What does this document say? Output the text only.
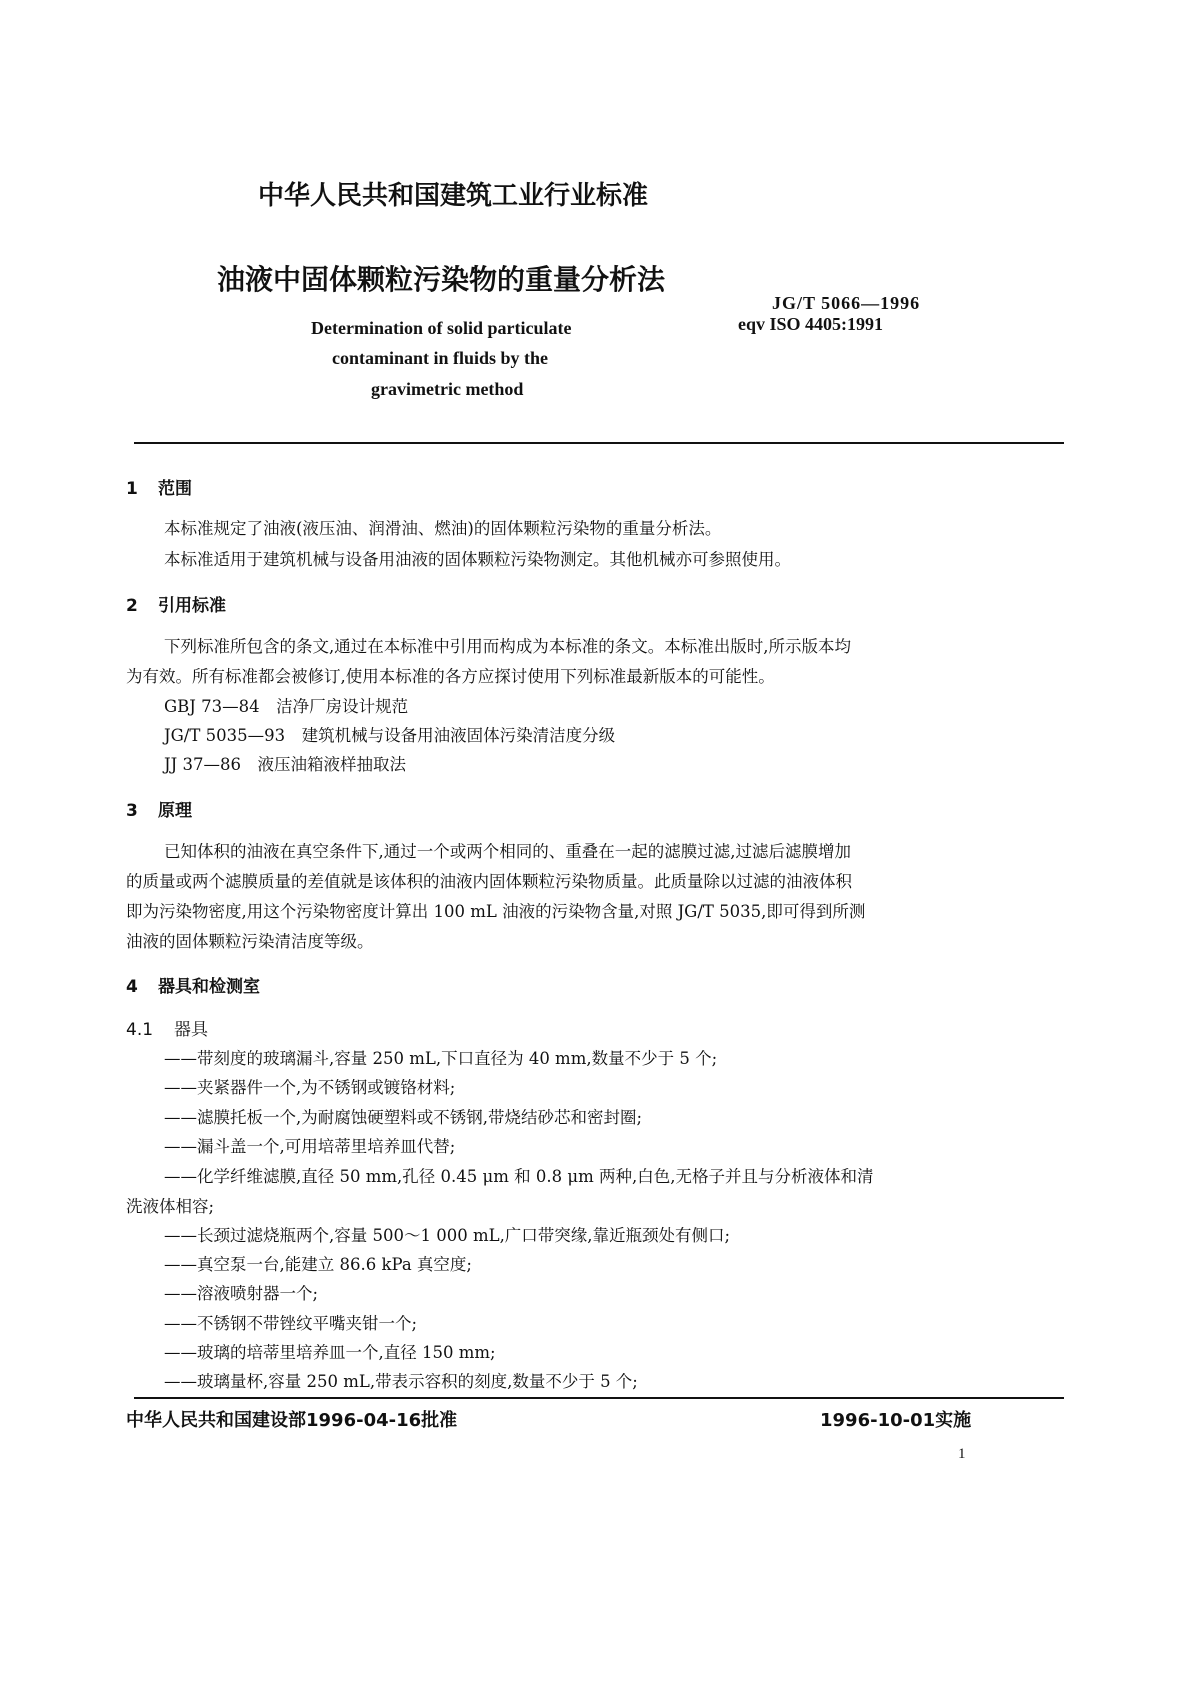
中华人民共和国建筑工业行业标准
油液中固体颗粒污染物的重量分析法
JG/T 5066—1996
eqv ISO 4405:1991
Determination of solid particulate
contaminant in fluids by the
gravimetric method
1 范围
本标准规定了油液(液压油、润滑油、燃油)的固体颗粒污染物的重量分析法。
本标准适用于建筑机械与设备用油液的固体颗粒污染物测定。其他机械亦可参照使用。
2 引用标准
下列标准所包含的条文,通过在本标准中引用而构成为本标准的条文。本标准出版时,所示版本均
为有效。所有标准都会被修订,使用本标准的各方应探讨使用下列标准最新版本的可能性。
GBJ 73—84　洁净厂房设计规范
JG/T 5035—93　建筑机械与设备用油液固体污染清洁度分级
JJ 37—86　液压油箱液样抽取法
3 原理
已知体积的油液在真空条件下,通过一个或两个相同的、重叠在一起的滤膜过滤,过滤后滤膜增加
的质量或两个滤膜质量的差值就是该体积的油液内固体颗粒污染物质量。此质量除以过滤的油液体积
即为污染物密度,用这个污染物密度计算出 100 mL 油液的污染物含量,对照 JG/T 5035,即可得到所测
油液的固体颗粒污染清洁度等级。
4 器具和检测室
4.1 器具
——带刻度的玻璃漏斗,容量 250 mL,下口直径为 40 mm,数量不少于 5 个;
——夹紧器件一个,为不锈钢或镀铬材料;
——滤膜托板一个,为耐腐蚀硬塑料或不锈钢,带烧结砂芯和密封圈;
——漏斗盖一个,可用培蒂里培养皿代替;
——化学纤维滤膜,直径 50 mm,孔径 0.45 μm 和 0.8 μm 两种,白色,无格子并且与分析液体和清
洗液体相容;
——长颈过滤烧瓶两个,容量 500～1 000 mL,广口带突缘,靠近瓶颈处有侧口;
——真空泵一台,能建立 86.6 kPa 真空度;
——溶液喷射器一个;
——不锈钢不带锉纹平嘴夹钳一个;
——玻璃的培蒂里培养皿一个,直径 150 mm;
——玻璃量杯,容量 250 mL,带表示容积的刻度,数量不少于 5 个;
中华人民共和国建设部1996-04-16批准	1996-10-01实施
1
